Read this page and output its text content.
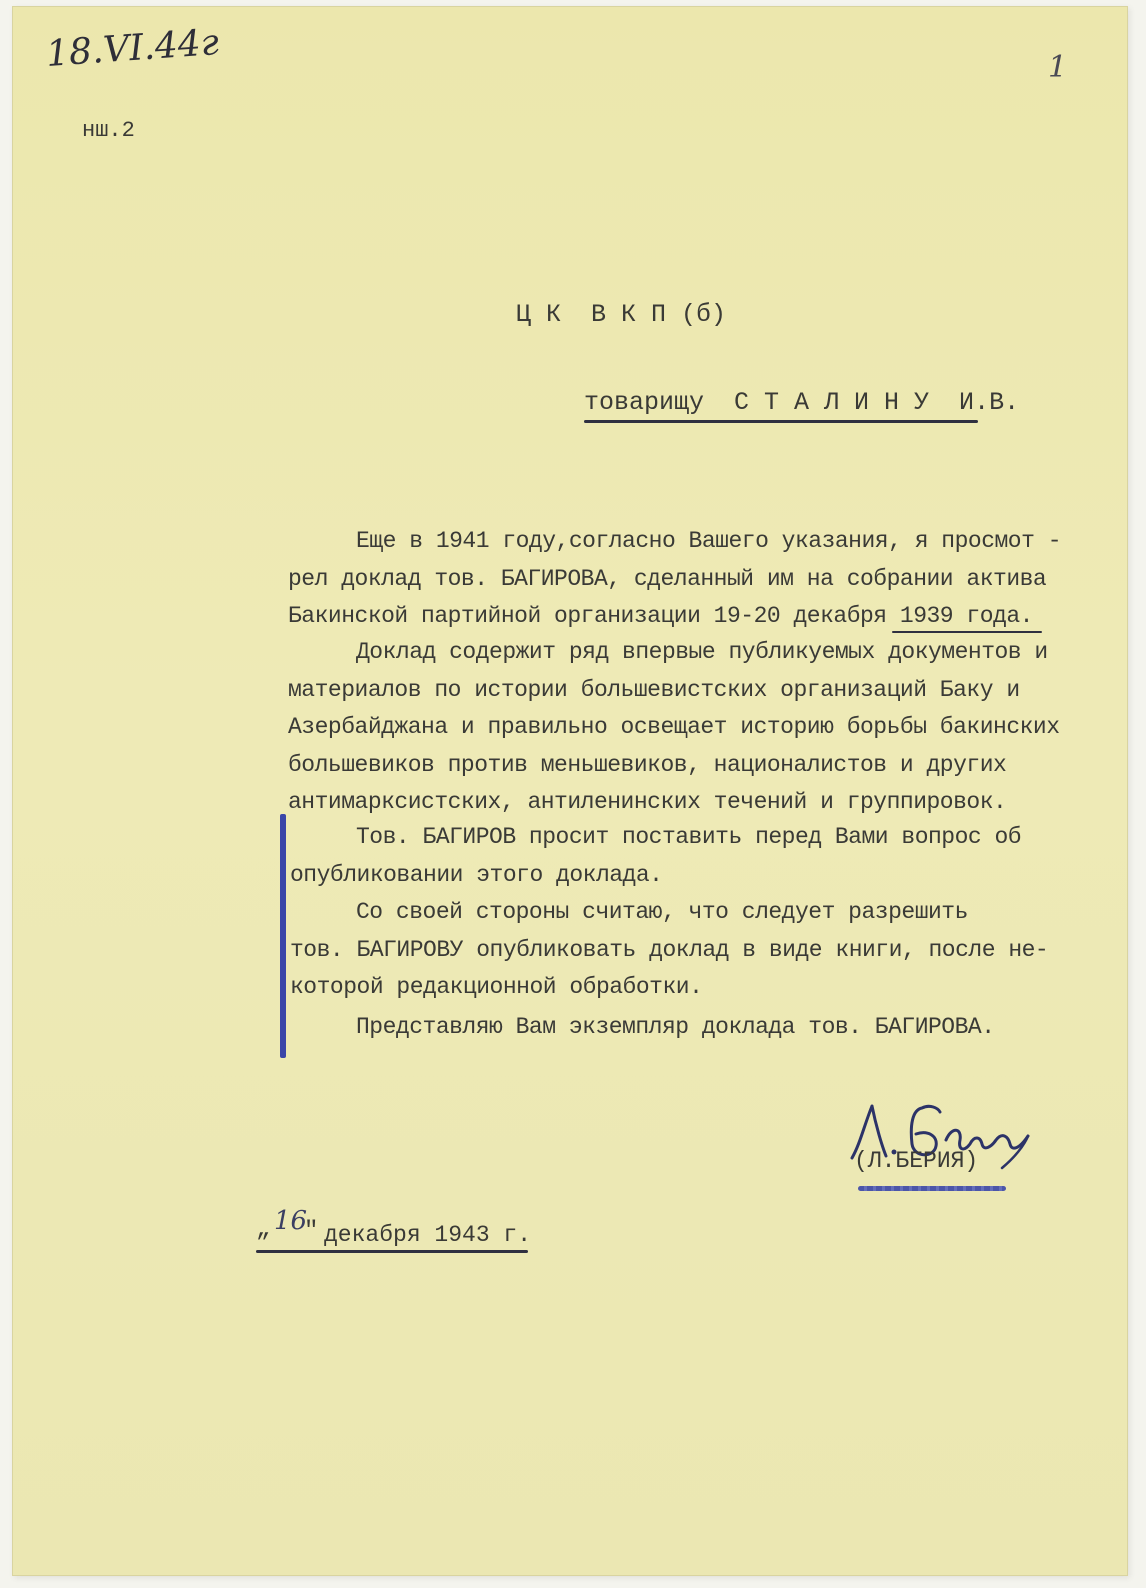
18.VI.44г	1
нш.2
Ц К  В К П (б)
товарищу  С Т А Л И Н У  И.В.
Еще в 1941 году,согласно Вашего указания, я просмот -
рел доклад тов. БАГИРОВА, сделанный им на собрании актива
Бакинской партийной организации 19-20 декабря 1939 года.
Доклад содержит ряд впервые публикуемых документов и
материалов по истории большевистских организаций Баку и
Азербайджана и правильно освещает историю борьбы бакинских
большевиков против меньшевиков, националистов и других
антимарксистских, антиленинских течений и группировок.
Тов. БАГИРОВ просит поставить перед Вами вопрос об
опубликовании этого доклада.
Со своей стороны считаю, что следует разрешить
тов. БАГИРОВУ опубликовать доклад в виде книги, после не-
которой редакционной обработки.
Представляю Вам экземпляр доклада тов. БАГИРОВА.
(Л.БЕРИЯ)
„ 16
" декабря 1943 г.
